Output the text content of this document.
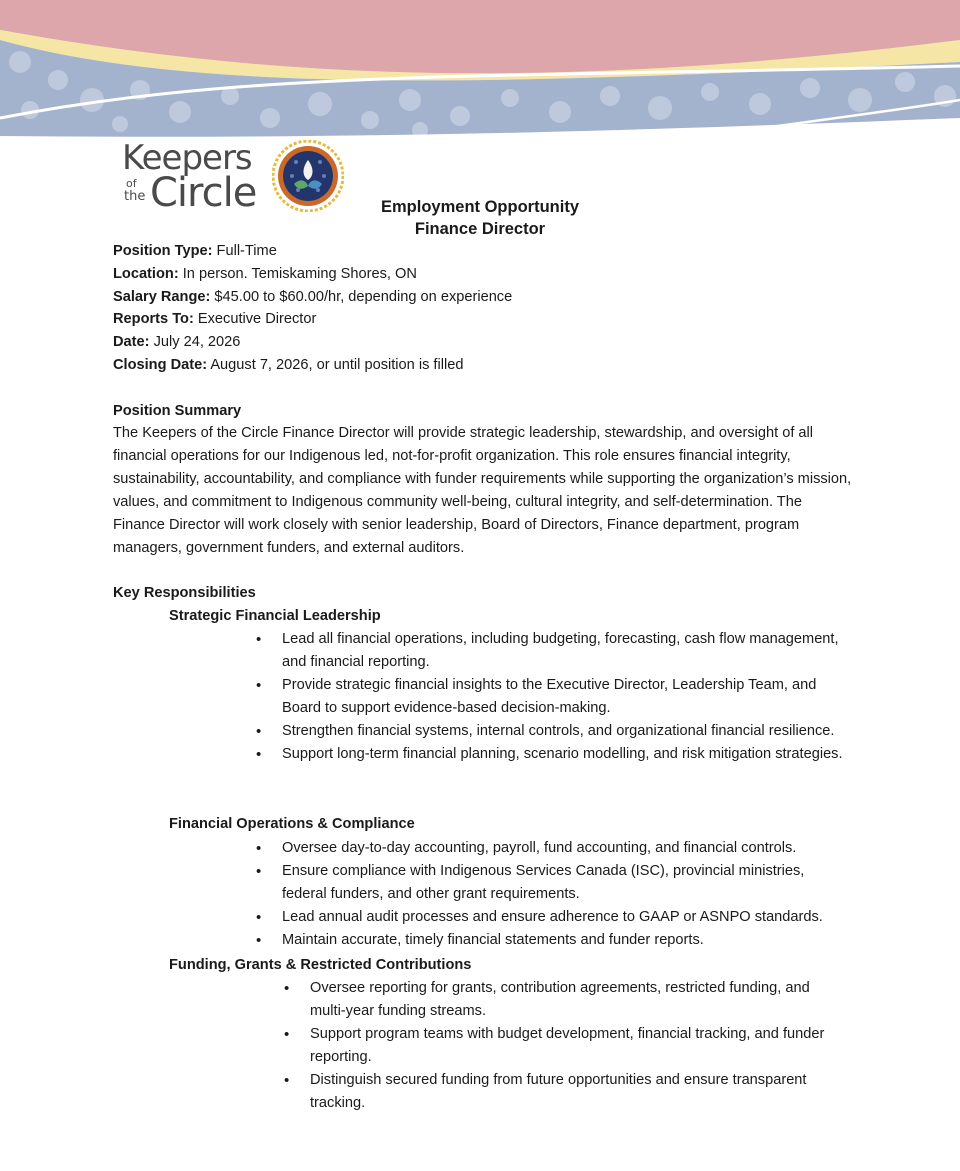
Keepers
of
the Circle	Employment Opportunity
Finance Director
Position Type: Full-Time
Location: In person. Temiskaming Shores, ON
Salary Range: $45.00 to $60.00/hr, depending on experience
Reports To: Executive Director
Date: July 24, 2026
Closing Date: August 7, 2026, or until position is filled
Position Summary
The Keepers of the Circle Finance Director will provide strategic leadership, stewardship, and oversight of all financial operations for our Indigenous led, not-for-profit organization. This role ensures financial integrity, sustainability, accountability, and compliance with funder requirements while supporting the organization’s mission, values, and commitment to Indigenous community well-being, cultural integrity, and self-determination. The Finance Director will work closely with senior leadership, Board of Directors, Finance department, program managers, government funders, and external auditors.
Key Responsibilities
Strategic Financial Leadership
• Lead all financial operations, including budgeting, forecasting, cash flow management, and financial reporting.
• Provide strategic financial insights to the Executive Director, Leadership Team, and Board to support evidence-based decision-making.
• Strengthen financial systems, internal controls, and organizational financial resilience.
• Support long-term financial planning, scenario modelling, and risk mitigation strategies.
Financial Operations & Compliance
• Oversee day-to-day accounting, payroll, fund accounting, and financial controls.
• Ensure compliance with Indigenous Services Canada (ISC), provincial ministries, federal funders, and other grant requirements.
• Lead annual audit processes and ensure adherence to GAAP or ASNPO standards.
• Maintain accurate, timely financial statements and funder reports.
Funding, Grants & Restricted Contributions
• Oversee reporting for grants, contribution agreements, restricted funding, and multi-year funding streams.
• Support program teams with budget development, financial tracking, and funder reporting.
• Distinguish secured funding from future opportunities and ensure transparent tracking.
